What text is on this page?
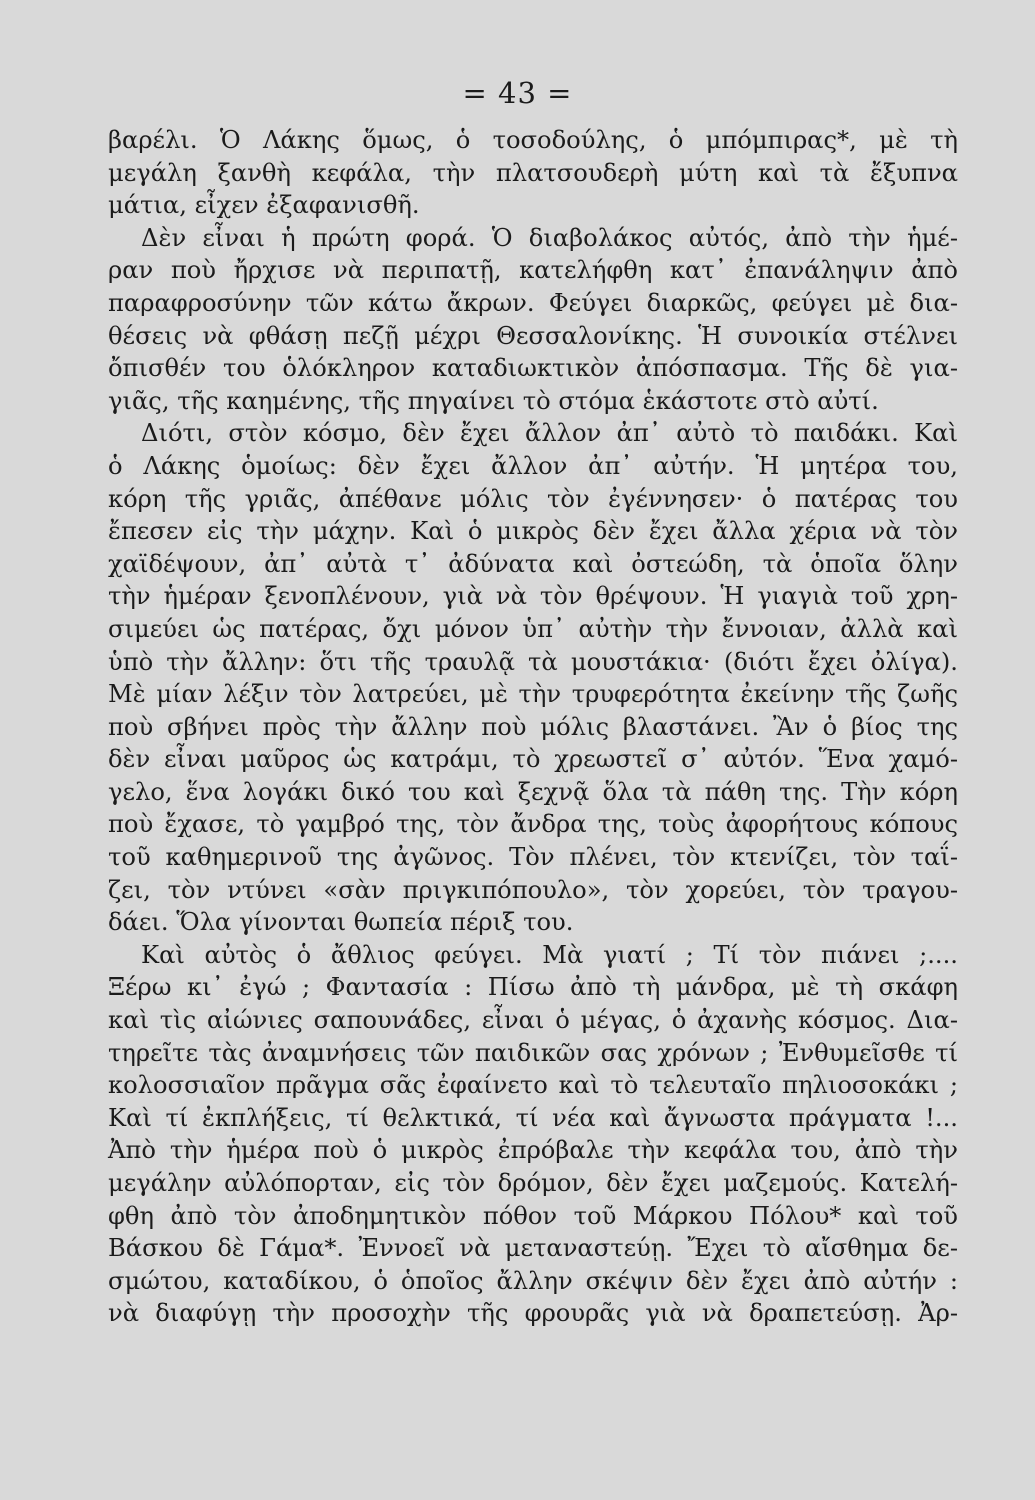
= 43 =
βαρέλι. Ὁ Λάκης ὅμως, ὁ τοσοδούλης, ὁ μπόμπιρας*, μὲ τὴ
μεγάλη ξανθὴ κεφάλα, τὴν πλατσουδερὴ μύτη καὶ τὰ ἔξυπνα
μάτια, εἶχεν ἐξαφανισθῆ.
Δὲν εἶναι ἡ πρώτη φορά. Ὁ διαβολάκος αὐτός, ἀπὸ τὴν ἡμέ-
ραν ποὺ ἤρχισε νὰ περιπατῇ, κατελήφθη κατ᾽ ἐπανάληψιν ἀπὸ
παραφροσύνην τῶν κάτω ἄκρων. Φεύγει διαρκῶς, φεύγει μὲ δια-
θέσεις νὰ φθάσῃ πεζῇ μέχρι Θεσσαλονίκης. Ἡ συνοικία στέλνει
ὄπισθέν του ὁλόκληρον καταδιωκτικὸν ἀπόσπασμα. Τῆς δὲ για-
γιᾶς, τῆς καημένης, τῆς πηγαίνει τὸ στόμα ἑκάστοτε στὸ αὐτί.
Διότι, στὸν κόσμο, δὲν ἔχει ἄλλον ἀπ᾽ αὐτὸ τὸ παιδάκι. Καὶ
ὁ Λάκης ὁμοίως: δὲν ἔχει ἄλλον ἀπ᾽ αὐτήν. Ἡ μητέρα του,
κόρη τῆς γριᾶς, ἀπέθανε μόλις τὸν ἐγέννησεν· ὁ πατέρας του
ἔπεσεν εἰς τὴν μάχην. Καὶ ὁ μικρὸς δὲν ἔχει ἄλλα χέρια νὰ τὸν
χαϊδέψουν, ἀπ᾽ αὐτὰ τ᾽ ἀδύνατα καὶ ὀστεώδη, τὰ ὁποῖα ὅλην
τὴν ἡμέραν ξενοπλένουν, γιὰ νὰ τὸν θρέψουν. Ἡ γιαγιὰ τοῦ χρη-
σιμεύει ὡς πατέρας, ὄχι μόνον ὑπ᾽ αὐτὴν τὴν ἔννοιαν, ἀλλὰ καὶ
ὑπὸ τὴν ἄλλην: ὅτι τῆς τραυλᾷ τὰ μουστάκια· (διότι ἔχει ὀλίγα).
Μὲ μίαν λέξιν τὸν λατρεύει, μὲ τὴν τρυφερότητα ἐκείνην τῆς ζωῆς
ποὺ σβήνει πρὸς τὴν ἄλλην ποὺ μόλις βλαστάνει. Ἂν ὁ βίος της
δὲν εἶναι μαῦρος ὡς κατράμι, τὸ χρεωστεῖ σ᾽ αὐτόν. Ἕνα χαμό-
γελο, ἕνα λογάκι δικό του καὶ ξεχνᾷ ὅλα τὰ πάθη της. Τὴν κόρη
ποὺ ἔχασε, τὸ γαμβρό της, τὸν ἄνδρα της, τοὺς ἀφορήτους κόπους
τοῦ καθημερινοῦ της ἀγῶνος. Τὸν πλένει, τὸν κτενίζει, τὸν ταΐ-
ζει, τὸν ντύνει «σὰν πριγκιπόπουλο», τὸν χορεύει, τὸν τραγου-
δάει. Ὅλα γίνονται θωπεία πέριξ του.
Καὶ αὐτὸς ὁ ἄθλιος φεύγει. Μὰ γιατί ; Τί τὸν πιάνει ;....
Ξέρω κι᾽ ἐγώ ; Φαντασία : Πίσω ἀπὸ τὴ μάνδρα, μὲ τὴ σκάφη
καὶ τὶς αἰώνιες σαπουνάδες, εἶναι ὁ μέγας, ὁ ἀχανὴς κόσμος. Δια-
τηρεῖτε τὰς ἀναμνήσεις τῶν παιδικῶν σας χρόνων ; Ἐνθυμεῖσθε τί
κολοσσιαῖον πρᾶγμα σᾶς ἐφαίνετο καὶ τὸ τελευταῖο πηλιοσοκάκι ;
Καὶ τί ἐκπλήξεις, τί θελκτικά, τί νέα καὶ ἄγνωστα πράγματα !...
Ἀπὸ τὴν ἡμέρα ποὺ ὁ μικρὸς ἐπρόβαλε τὴν κεφάλα του, ἀπὸ τὴν
μεγάλην αὐλόπορταν, εἰς τὸν δρόμον, δὲν ἔχει μαζεμούς. Κατελή-
φθη ἀπὸ τὸν ἀποδημητικὸν πόθον τοῦ Μάρκου Πόλου* καὶ τοῦ
Βάσκου δὲ Γάμα*. Ἐννοεῖ νὰ μεταναστεύῃ. Ἔχει τὸ αἴσθημα δε-
σμώτου, καταδίκου, ὁ ὁποῖος ἄλλην σκέψιν δὲν ἔχει ἀπὸ αὐτήν :
νὰ διαφύγῃ τὴν προσοχὴν τῆς φρουρᾶς γιὰ νὰ δραπετεύσῃ. Ἀρ-
